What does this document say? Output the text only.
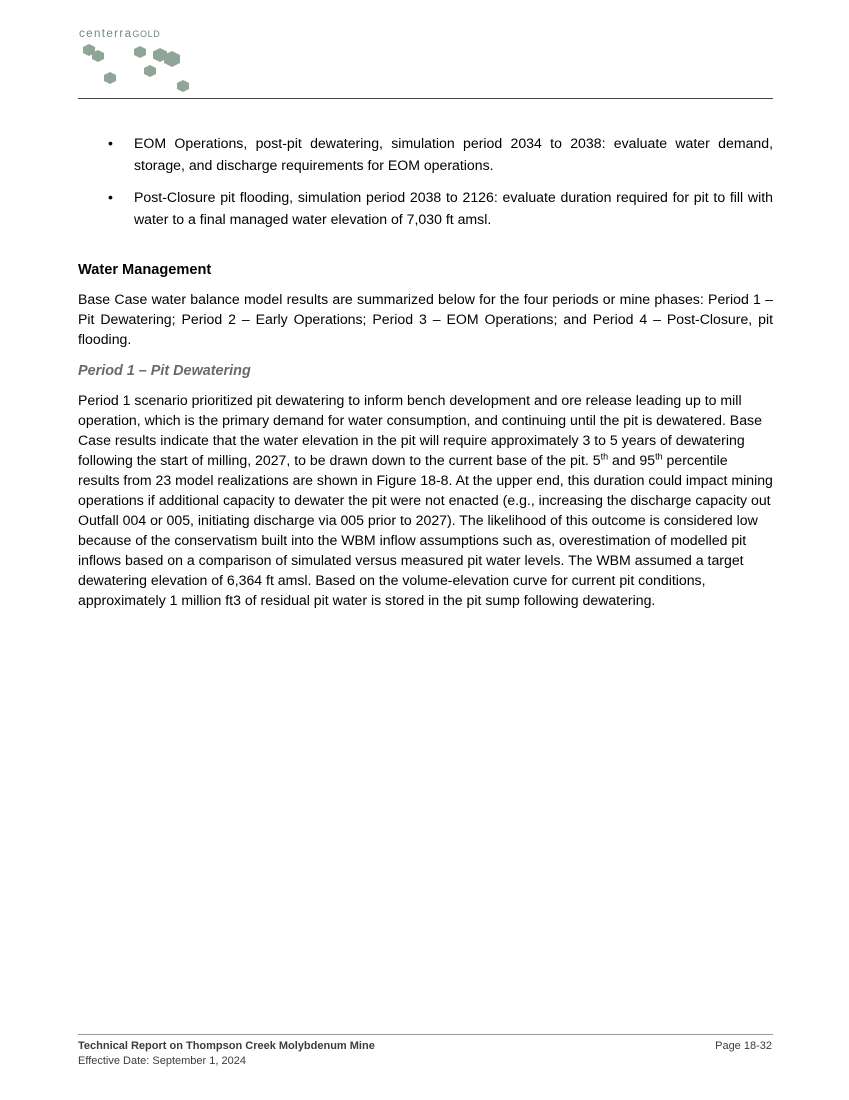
centerraGOLD
• EOM Operations, post-pit dewatering, simulation period 2034 to 2038: evaluate water demand, storage, and discharge requirements for EOM operations.
• Post-Closure pit flooding, simulation period 2038 to 2126: evaluate duration required for pit to fill with water to a final managed water elevation of 7,030 ft amsl.
Water Management

Base Case water balance model results are summarized below for the four periods or mine phases: Period 1 – Pit Dewatering; Period 2 – Early Operations; Period 3 – EOM Operations; and Period 4 – Post-Closure, pit flooding.

Period 1 – Pit Dewatering

Period 1 scenario prioritized pit dewatering to inform bench development and ore release leading up to mill operation, which is the primary demand for water consumption, and continuing until the pit is dewatered. Base Case results indicate that the water elevation in the pit will require approximately 3 to 5 years of dewatering following the start of milling, 2027, to be drawn down to the current base of the pit. 5th and 95th percentile results from 23 model realizations are shown in Figure 18-8. At the upper end, this duration could impact mining operations if additional capacity to dewater the pit were not enacted (e.g., increasing the discharge capacity out Outfall 004 or 005, initiating discharge via 005 prior to 2027). The likelihood of this outcome is considered low because of the conservatism built into the WBM inflow assumptions such as, overestimation of modelled pit inflows based on a comparison of simulated versus measured pit water levels. The WBM assumed a target dewatering elevation of 6,364 ft amsl. Based on the volume-elevation curve for current pit conditions, approximately 1 million ft3 of residual pit water is stored in the pit sump following dewatering.

Technical Report on Thompson Creek Molybdenum Mine
Effective Date: September 1, 2024
Page 18-32
